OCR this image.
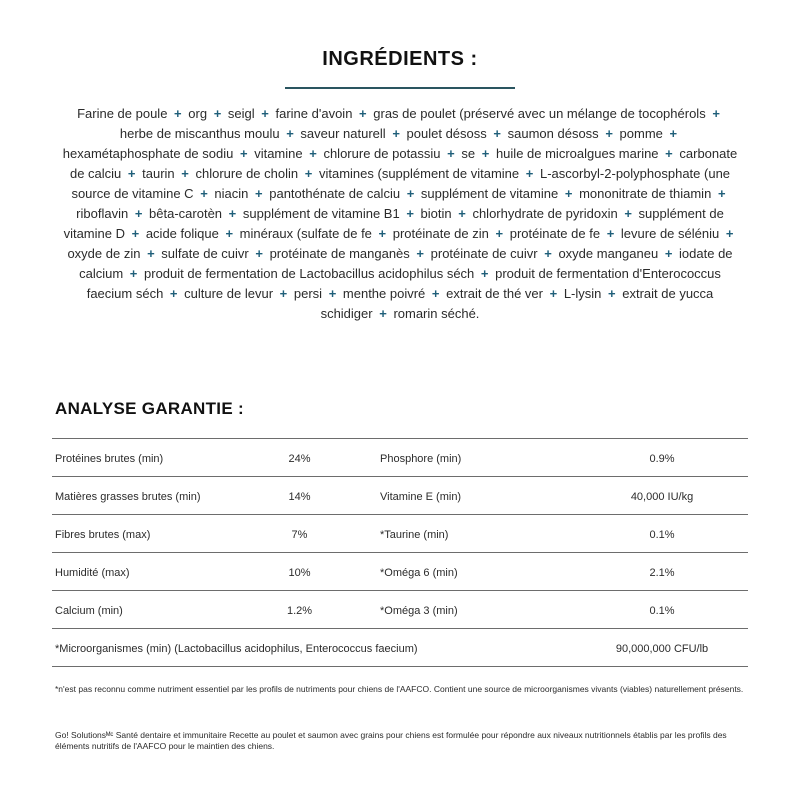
INGRÉDIENTS :
Farine de poule + org + seigl + farine d'avoin + gras de poulet (préservé avec un mélange de tocophérols + herbe de miscanthus moulu + saveur naturell + poulet désoss + saumon désoss + pomme + hexamétaphosphate de sodiu + vitamine + chlorure de potassiu + se + huile de microalgues marine + carbonate de calciu + taurin + chlorure de cholin + vitamines (supplément de vitamine + L-ascorbyl-2-polyphosphate (une source de vitamine C + niacin + pantothénate de calciu + supplément de vitamine + mononitrate de thiamin + riboflavin + bêta-carotèn + supplément de vitamine B1 + biotin + chlorhydrate de pyridoxin + supplément de vitamine D + acide folique + minéraux (sulfate de fe + protéinate de zin + protéinate de fe + levure de séléniu + oxyde de zin + sulfate de cuivr + protéinate de manganès + protéinate de cuivr + oxyde manganeu + iodate de calcium + produit de fermentation de Lactobacillus acidophilus séch + produit de fermentation d'Enterococcus faecium séch + culture de levur + persi + menthe poivré + extrait de thé ver + L-lysin + extrait de yucca schidiger + romarin séché.
ANALYSE GARANTIE :
Protéines brutes (min)	24%	Phosphore (min)	0.9%
Matières grasses brutes (min)	14%	Vitamine E (min)	40,000 IU/kg
Fibres brutes (max)	7%	*Taurine (min)	0.1%
Humidité (max)	10%	*Oméga 6 (min)	2.1%
Calcium (min)	1.2%	*Oméga 3 (min)	0.1%
*Microorganismes (min) (Lactobacillus acidophilus, Enterococcus faecium)	90,000,000 CFU/lb
*n'est pas reconnu comme nutriment essentiel par les profils de nutriments pour chiens de l'AAFCO. Contient une source de microorganismes vivants (viables) naturellement présents.
Go! Solutionsᴹᶜ Santé dentaire et immunitaire Recette au poulet et saumon avec grains pour chiens est formulée pour répondre aux niveaux nutritionnels établis par les profils des éléments nutritifs de l'AAFCO pour le maintien des chiens.
